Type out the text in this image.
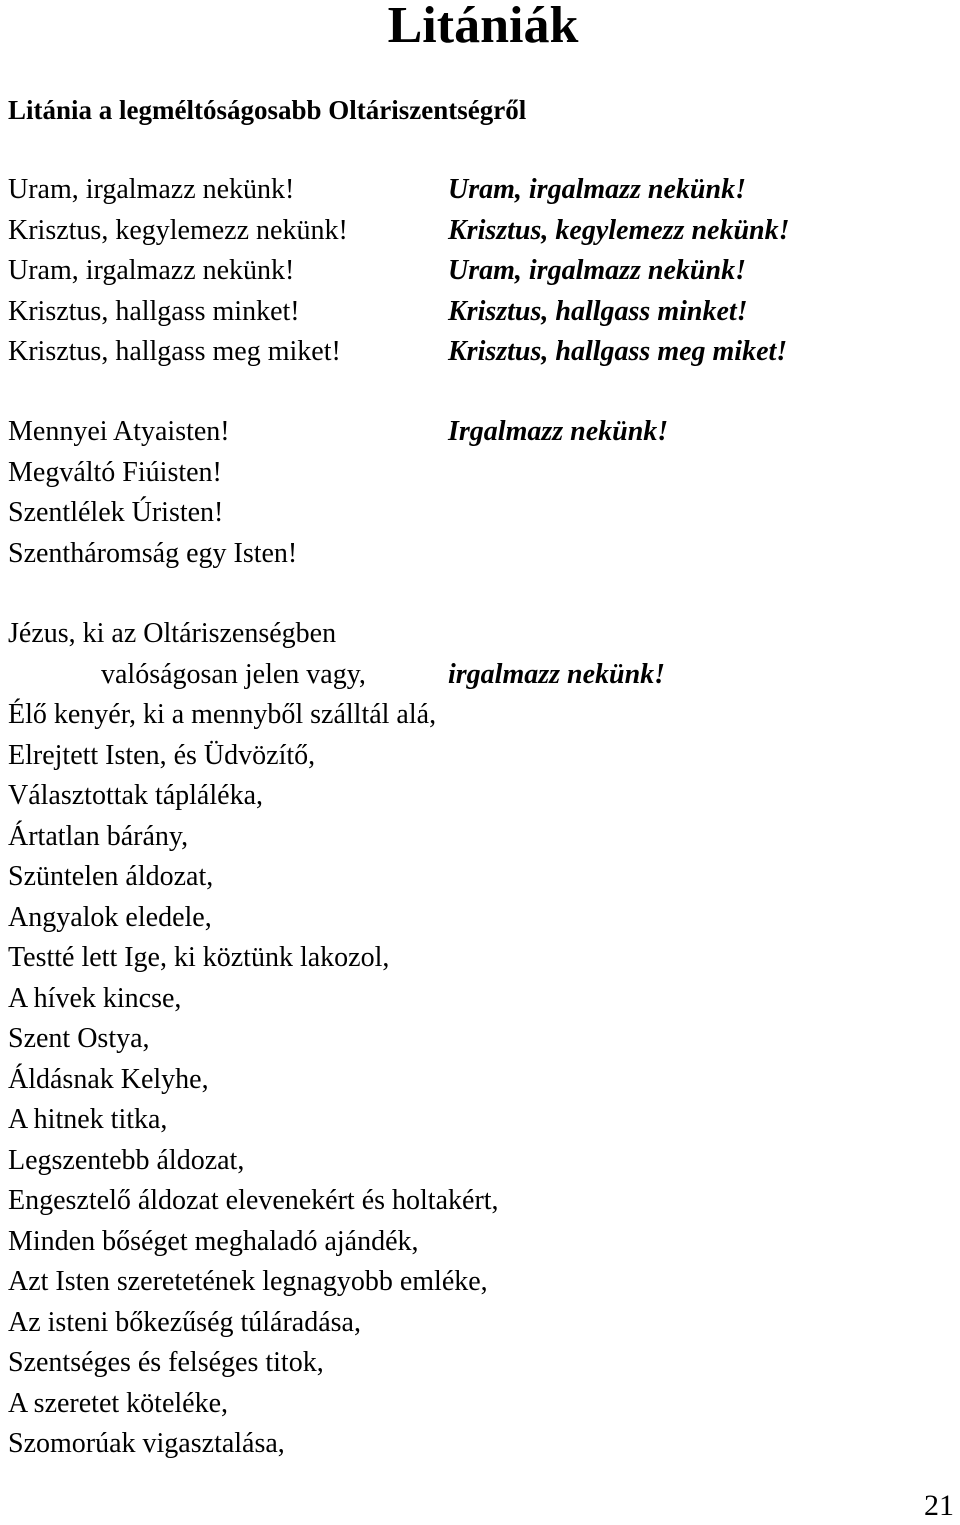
Litániák
Litánia a legméltóságosabb Oltáriszentségről
Uram, irgalmazz nekünk!
Krisztus, kegylemezz nekünk!
Uram, irgalmazz nekünk!
Krisztus, hallgass minket!
Krisztus, hallgass meg miket!
Uram, irgalmazz nekünk!
Krisztus, kegylemezz nekünk!
Uram, irgalmazz nekünk!
Krisztus, hallgass minket!
Krisztus, hallgass meg miket!
Mennyei Atyaisten!
Megváltó Fiúisten!
Szentlélek Úristen!
Szentháromság egy Isten!
Irgalmazz nekünk!
Jézus, ki az Oltáriszenségben
valóságosan jelen vagy,	irgalmazz nekünk!
Élő kenyér, ki a mennyből szálltál alá,
Elrejtett Isten, és Üdvözítő,
Választottak tápláléka,
Ártatlan bárány,
Szüntelen áldozat,
Angyalok eledele,
Testté lett Ige, ki köztünk lakozol,
A hívek kincse,
Szent Ostya,
Áldásnak Kelyhe,
A hitnek titka,
Legszentebb áldozat,
Engesztelő áldozat elevenekért és holtakért,
Minden bőséget meghaladó ajándék,
Azt Isten szeretetének legnagyobb emléke,
Az isteni bőkezűség túláradása,
Szentséges és felséges titok,
A szeretet köteléke,
Szomorúak vigasztalása,
21
